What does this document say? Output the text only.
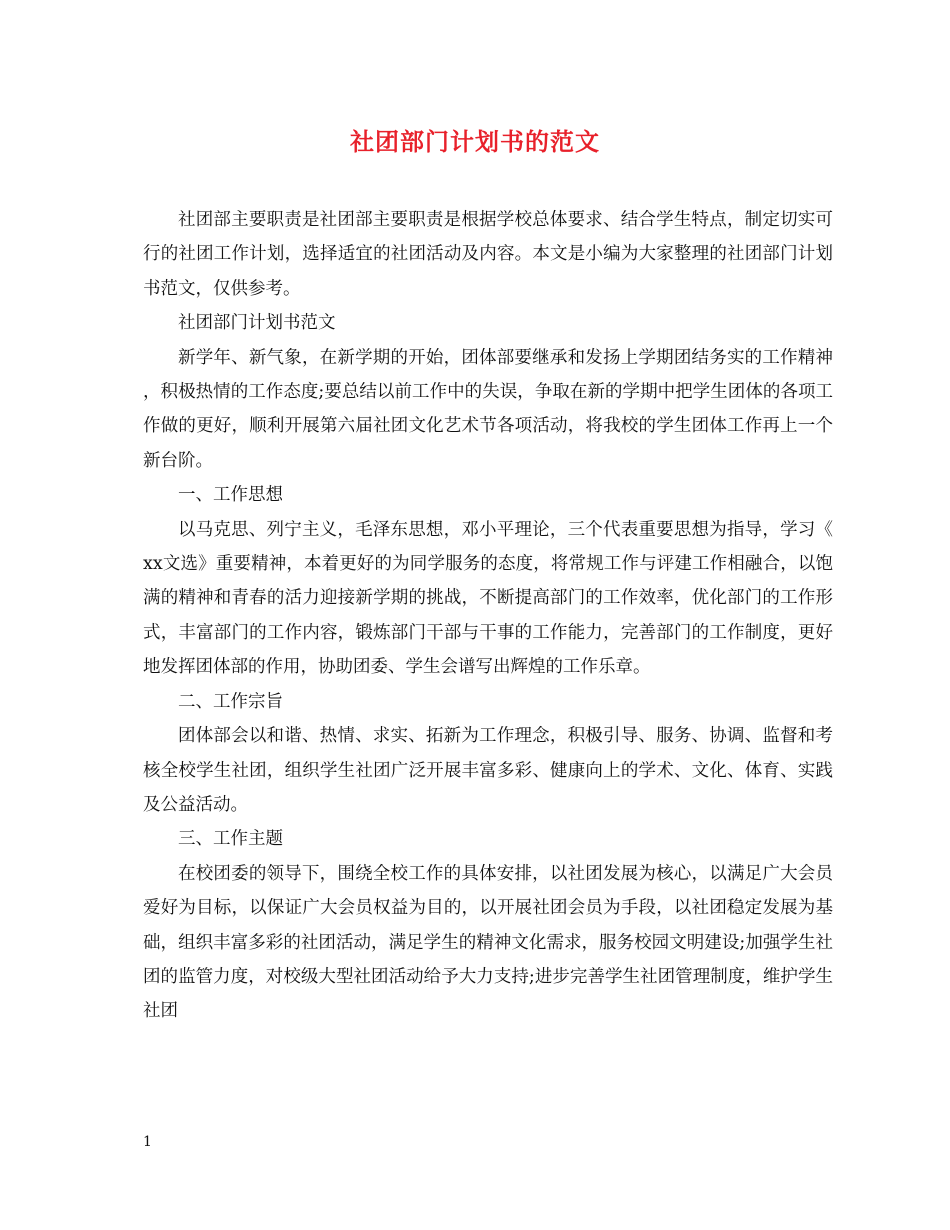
社团部门计划书的范文

社团部主要职责是社团部主要职责是根据学校总体要求、结合学生特点，制定切实可行的社团工作计划，选择适宜的社团活动及内容。本文是小编为大家整理的社团部门计划书范文，仅供参考。

社团部门计划书范文

新学年、新气象，在新学期的开始，团体部要继承和发扬上学期团结务实的工作精神，积极热情的工作态度;要总结以前工作中的失误，争取在新的学期中把学生团体的各项工作做的更好，顺利开展第六届社团文化艺术节各项活动，将我校的学生团体工作再上一个新台阶。

一、工作思想

以马克思、列宁主义，毛泽东思想，邓小平理论，三个代表重要思想为指导，学习《xx文选》重要精神，本着更好的为同学服务的态度，将常规工作与评建工作相融合，以饱满的精神和青春的活力迎接新学期的挑战，不断提高部门的工作效率，优化部门的工作形式，丰富部门的工作内容，锻炼部门干部与干事的工作能力，完善部门的工作制度，更好地发挥团体部的作用，协助团委、学生会谱写出辉煌的工作乐章。

二、工作宗旨

团体部会以和谐、热情、求实、拓新为工作理念，积极引导、服务、协调、监督和考核全校学生社团，组织学生社团广泛开展丰富多彩、健康向上的学术、文化、体育、实践及公益活动。

三、工作主题

在校团委的领导下，围绕全校工作的具体安排，以社团发展为核心，以满足广大会员爱好为目标，以保证广大会员权益为目的，以开展社团会员为手段，以社团稳定发展为基础，组织丰富多彩的社团活动，满足学生的精神文化需求，服务校园文明建设;加强学生社团的监管力度，对校级大型社团活动给予大力支持;进步完善学生社团管理制度，维护学生社团

1
